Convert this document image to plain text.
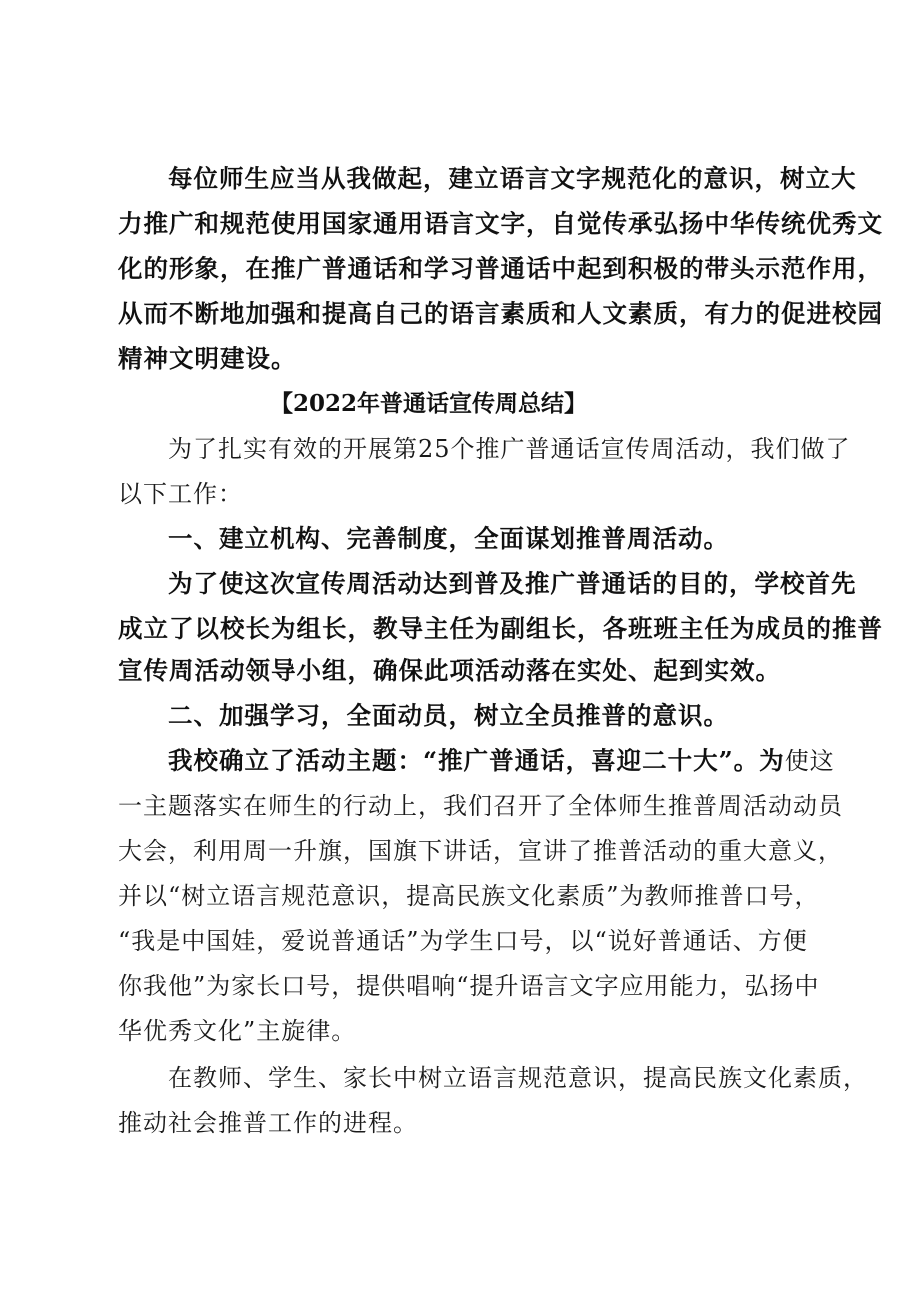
每位师生应当从我做起，建立语言文字规范化的意识，树立大
力推广和规范使用国家通用语言文字，自觉传承弘扬中华传统优秀文
化的形象，在推广普通话和学习普通话中起到积极的带头示范作用，
从而不断地加强和提高自己的语言素质和人文素质，有力的促进校园
精神文明建设。
【2022年普通话宣传周总结】
为了扎实有效的开展第25个推广普通话宣传周活动，我们做了
以下工作：
一、建立机构、完善制度，全面谋划推普周活动。
为了使这次宣传周活动达到普及推广普通话的目的，学校首先
成立了以校长为组长，教导主任为副组长，各班班主任为成员的推普
宣传周活动领导小组，确保此项活动落在实处、起到实效。
二、加强学习，全面动员，树立全员推普的意识。
我校确立了活动主题：“推广普通话，喜迎二十大”。为使这
一主题落实在师生的行动上，我们召开了全体师生推普周活动动员
大会，利用周一升旗，国旗下讲话，宣讲了推普活动的重大意义，
并以“树立语言规范意识，提高民族文化素质”为教师推普口号，
“我是中国娃，爱说普通话”为学生口号，以“说好普通话、方便
你我他”为家长口号，提供唱响“提升语言文字应用能力，弘扬中
华优秀文化”主旋律。
在教师、学生、家长中树立语言规范意识，提高民族文化素质，
推动社会推普工作的进程。
